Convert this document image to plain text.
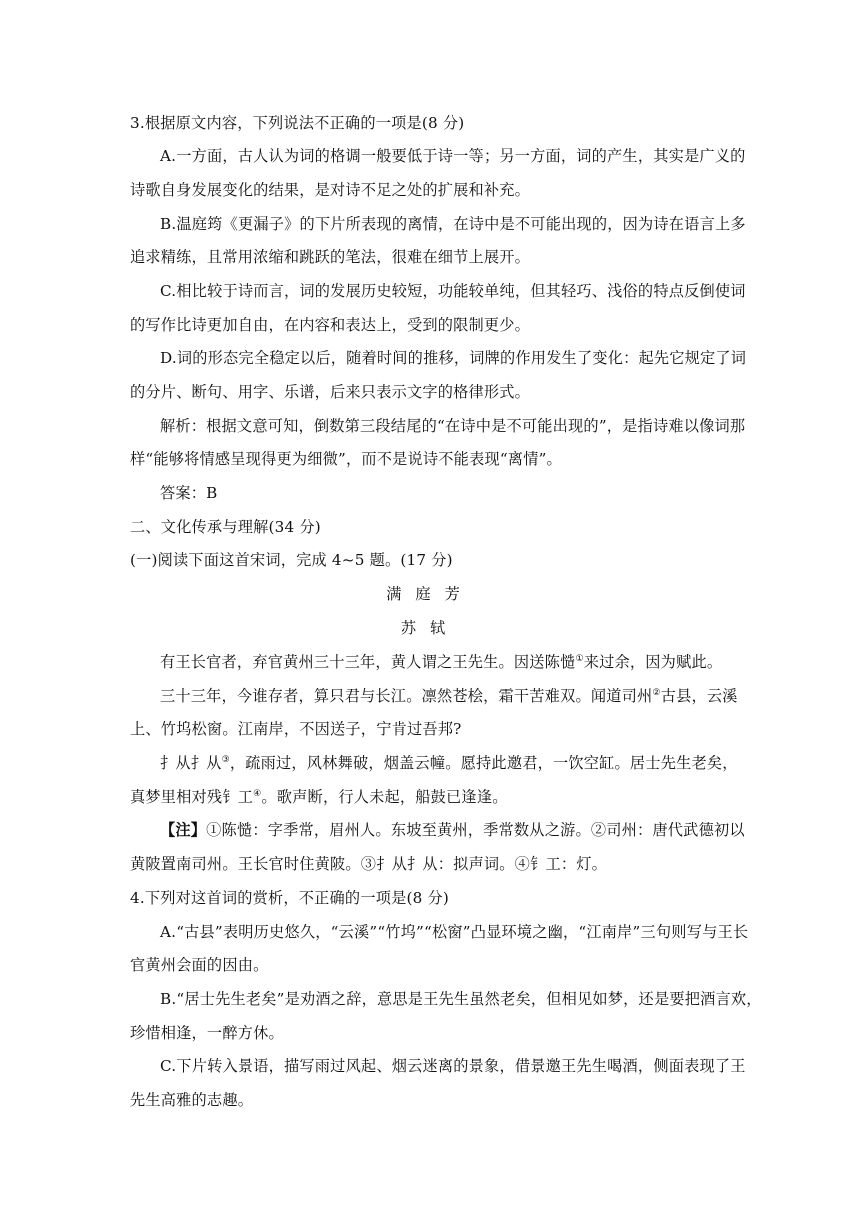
3.根据原文内容，下列说法不正确的一项是(8 分)
A.一方面，古人认为词的格调一般要低于诗一等；另一方面，词的产生，其实是广义的
诗歌自身发展变化的结果，是对诗不足之处的扩展和补充。
B.温庭筠《更漏子》的下片所表现的离情，在诗中是不可能出现的，因为诗在语言上多
追求精练，且常用浓缩和跳跃的笔法，很难在细节上展开。
C.相比较于诗而言，词的发展历史较短，功能较单纯，但其轻巧、浅俗的特点反倒使词
的写作比诗更加自由，在内容和表达上，受到的限制更少。
D.词的形态完全稳定以后，随着时间的推移，词牌的作用发生了变化：起先它规定了词
的分片、断句、用字、乐谱，后来只表示文字的格律形式。
解析：根据文意可知，倒数第三段结尾的“在诗中是不可能出现的”，是指诗难以像词那
样“能够将情感呈现得更为细微”，而不是说诗不能表现“离情”。
答案：B
二、文化传承与理解(34 分)
(一)阅读下面这首宋词，完成 4~5 题。(17 分)
满庭芳
苏轼
有王长官者，弃官黄州三十三年，黄人谓之王先生。因送陈慥①来过余，因为赋此。
三十三年，今谁存者，算只君与长江。凛然苍桧，霜干苦难双。闻道司州②古县，云溪
上、竹坞松窗。江南岸，不因送子，宁肯过吾邦?
扌从扌从③，疏雨过，风林舞破，烟盖云幢。愿持此邀君，一饮空缸。居士先生老矣，
真梦里相对残钅工④。歌声断，行人未起，船鼓已逢逢。
【注】①陈慥：字季常，眉州人。东坡至黄州，季常数从之游。②司州：唐代武德初以
黄陂置南司州。王长官时住黄陂。③扌从扌从：拟声词。④钅工：灯。
4.下列对这首词的赏析，不正确的一项是(8 分)
A.“古县”表明历史悠久，“云溪”“竹坞”“松窗”凸显环境之幽，“江南岸”三句则写与王长
官黄州会面的因由。
B.“居士先生老矣”是劝酒之辞，意思是王先生虽然老矣，但相见如梦，还是要把酒言欢，
珍惜相逢，一醉方休。
C.下片转入景语，描写雨过风起、烟云迷离的景象，借景邀王先生喝酒，侧面表现了王
先生高雅的志趣。
